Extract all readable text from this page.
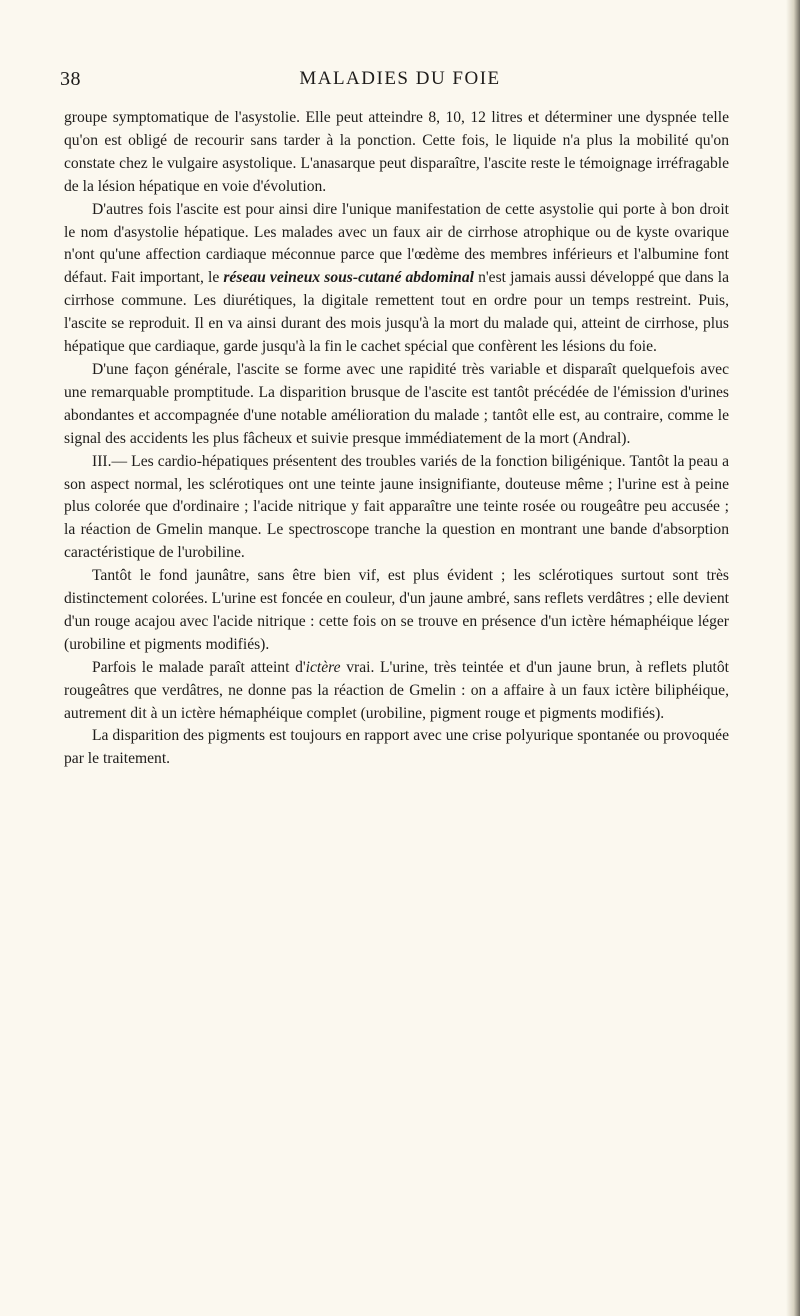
38	MALADIES DU FOIE

groupe symptomatique de l'asystolie. Elle peut atteindre 8, 10, 12 litres et déterminer une dyspnée telle qu'on est obligé de recourir sans tarder à la ponction. Cette fois, le liquide n'a plus la mobilité qu'on constate chez le vulgaire asystolique. L'anasarque peut disparaître, l'ascite reste le témoignage irréfragable de la lésion hépatique en voie d'évolution.

D'autres fois l'ascite est pour ainsi dire l'unique manifestation de cette asystolie qui porte à bon droit le nom d'asystolie hépatique. Les malades avec un faux air de cirrhose atrophique ou de kyste ovarique n'ont qu'une affection cardiaque méconnue parce que l'œdème des membres inférieurs et l'albumine font défaut. Fait important, le réseau veineux sous-cutané abdominal n'est jamais aussi développé que dans la cirrhose commune. Les diurétiques, la digitale remettent tout en ordre pour un temps restreint. Puis, l'ascite se reproduit. Il en va ainsi durant des mois jusqu'à la mort du malade qui, atteint de cirrhose, plus hépatique que cardiaque, garde jusqu'à la fin le cachet spécial que confèrent les lésions du foie.

D'une façon générale, l'ascite se forme avec une rapidité très variable et disparaît quelquefois avec une remarquable promptitude. La disparition brusque de l'ascite est tantôt précédée de l'émission d'urines abondantes et accompagnée d'une notable amélioration du malade ; tantôt elle est, au contraire, comme le signal des accidents les plus fâcheux et suivie presque immédiatement de la mort (Andral).

III.— Les cardio-hépatiques présentent des troubles variés de la fonction biligénique. Tantôt la peau a son aspect normal, les sclérotiques ont une teinte jaune insignifiante, douteuse même ; l'urine est à peine plus colorée que d'ordinaire ; l'acide nitrique y fait apparaître une teinte rosée ou rougeâtre peu accusée ; la réaction de Gmelin manque. Le spectroscope tranche la question en montrant une bande d'absorption caractéristique de l'urobiline.

Tantôt le fond jaunâtre, sans être bien vif, est plus évident ; les sclérotiques surtout sont très distinctement colorées. L'urine est foncée en couleur, d'un jaune ambré, sans reflets verdâtres ; elle devient d'un rouge acajou avec l'acide nitrique : cette fois on se trouve en présence d'un ictère hémaphéique léger (urobiline et pigments modifiés).

Parfois le malade paraît atteint d'ictère vrai. L'urine, très teintée et d'un jaune brun, à reflets plutôt rougeâtres que verdâtres, ne donne pas la réaction de Gmelin : on a affaire à un faux ictère biliphéique, autrement dit à un ictère hémaphéique complet (urobiline, pigment rouge et pigments modifiés).

La disparition des pigments est toujours en rapport avec une crise polyurique spontanée ou provoquée par le traitement.
